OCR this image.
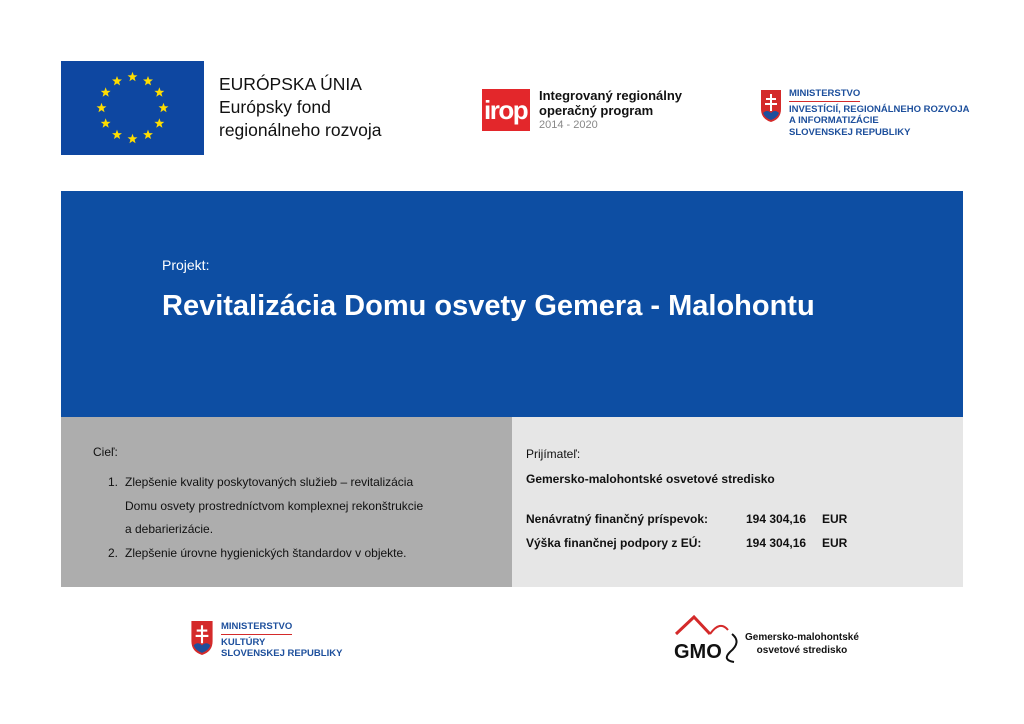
EURÓPSKA ÚNIA
Európsky fond
regionálneho rozvoja
irop Integrovaný regionálny
operačný program
2014 - 2020
MINISTERSTVO
INVESTÍCIÍ, REGIONÁLNEHO ROZVOJA
A INFORMATIZÁCIE
SLOVENSKEJ REPUBLIKY
Projekt:
Revitalizácia Domu osvety Gemera - Malohontu
Cieľ:
1. Zlepšenie kvality poskytovaných služieb – revitalizácia
Domu osvety prostredníctvom komplexnej rekonštrukcie
a debarierizácie.
2. Zlepšenie úrovne hygienických štandardov v objekte.
Prijímateľ:
Gemersko-malohontské osvetové stredisko
Nenávratný finančný príspevok:	194 304,16 EUR
Výška finančnej podpory z EÚ:	194 304,16 EUR
MINISTERSTVO
KULTÚRY
SLOVENSKEJ REPUBLIKY	GMO
Gemersko-malohontské
osvetové stredisko
